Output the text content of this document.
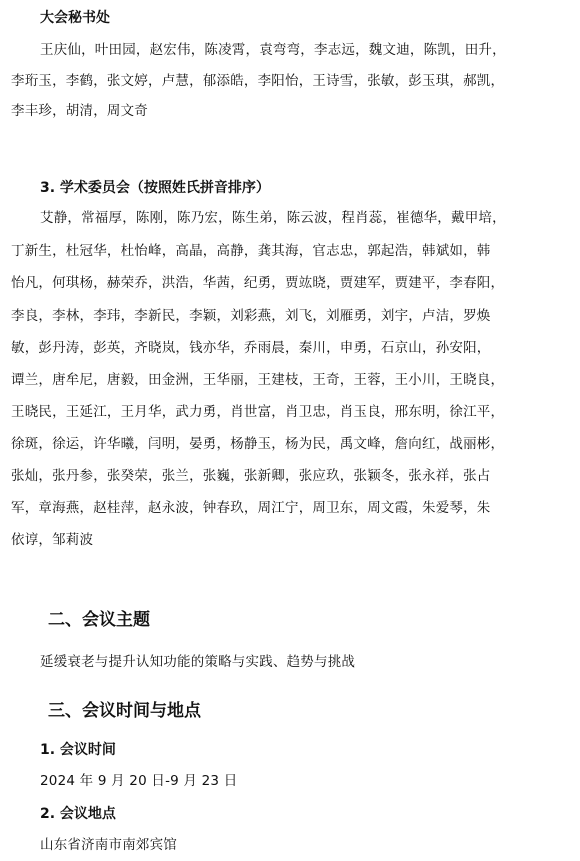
大会秘书处
王庆仙，叶田园，赵宏伟，陈凌霄，袁弯弯，李志远，魏文迪，陈凯，田升，
李珩玉，李鹤，张文婷，卢慧，郁添皓，李阳怡，王诗雪，张敏，彭玉琪，郝凯，
李丰珍，胡清，周文奇
3. 学术委员会（按照姓氏拼音排序）
艾静，常福厚，陈刚，陈乃宏，陈生弟，陈云波，程肖蕊，崔德华，戴甲培，
丁新生，杜冠华，杜怡峰，高晶，高静，龚其海，官志忠，郭起浩，韩斌如，韩
怡凡，何琪杨，赫荣乔，洪浩，华茜，纪勇，贾竑晓，贾建军，贾建平，李春阳，
李良，李林，李玮，李新民，李颖，刘彩燕，刘飞，刘雁勇，刘宇，卢洁，罗焕
敏，彭丹涛，彭英，齐晓岚，钱亦华，乔雨晨，秦川，申勇，石京山，孙安阳，
谭兰，唐牟尼，唐毅，田金洲，王华丽，王建枝，王奇，王蓉，王小川，王晓良，
王晓民，王延江，王月华，武力勇，肖世富，肖卫忠，肖玉良，邢东明，徐江平，
徐斑，徐运，许华曦，闫明，晏勇，杨静玉，杨为民，禹文峰，詹向红，战丽彬，
张灿，张丹参，张癸荣，张兰，张巍，张新卿，张应玖，张颖冬，张永祥，张占
军，章海燕，赵桂萍，赵永波，钟春玖，周江宁，周卫东，周文霞，朱爱琴，朱
依谆，邹莉波
二、会议主题
延缓衰老与提升认知功能的策略与实践、趋势与挑战
三、会议时间与地点
1. 会议时间
2024 年 9 月 20 日-9 月 23 日
2. 会议地点
山东省济南市南郊宾馆
